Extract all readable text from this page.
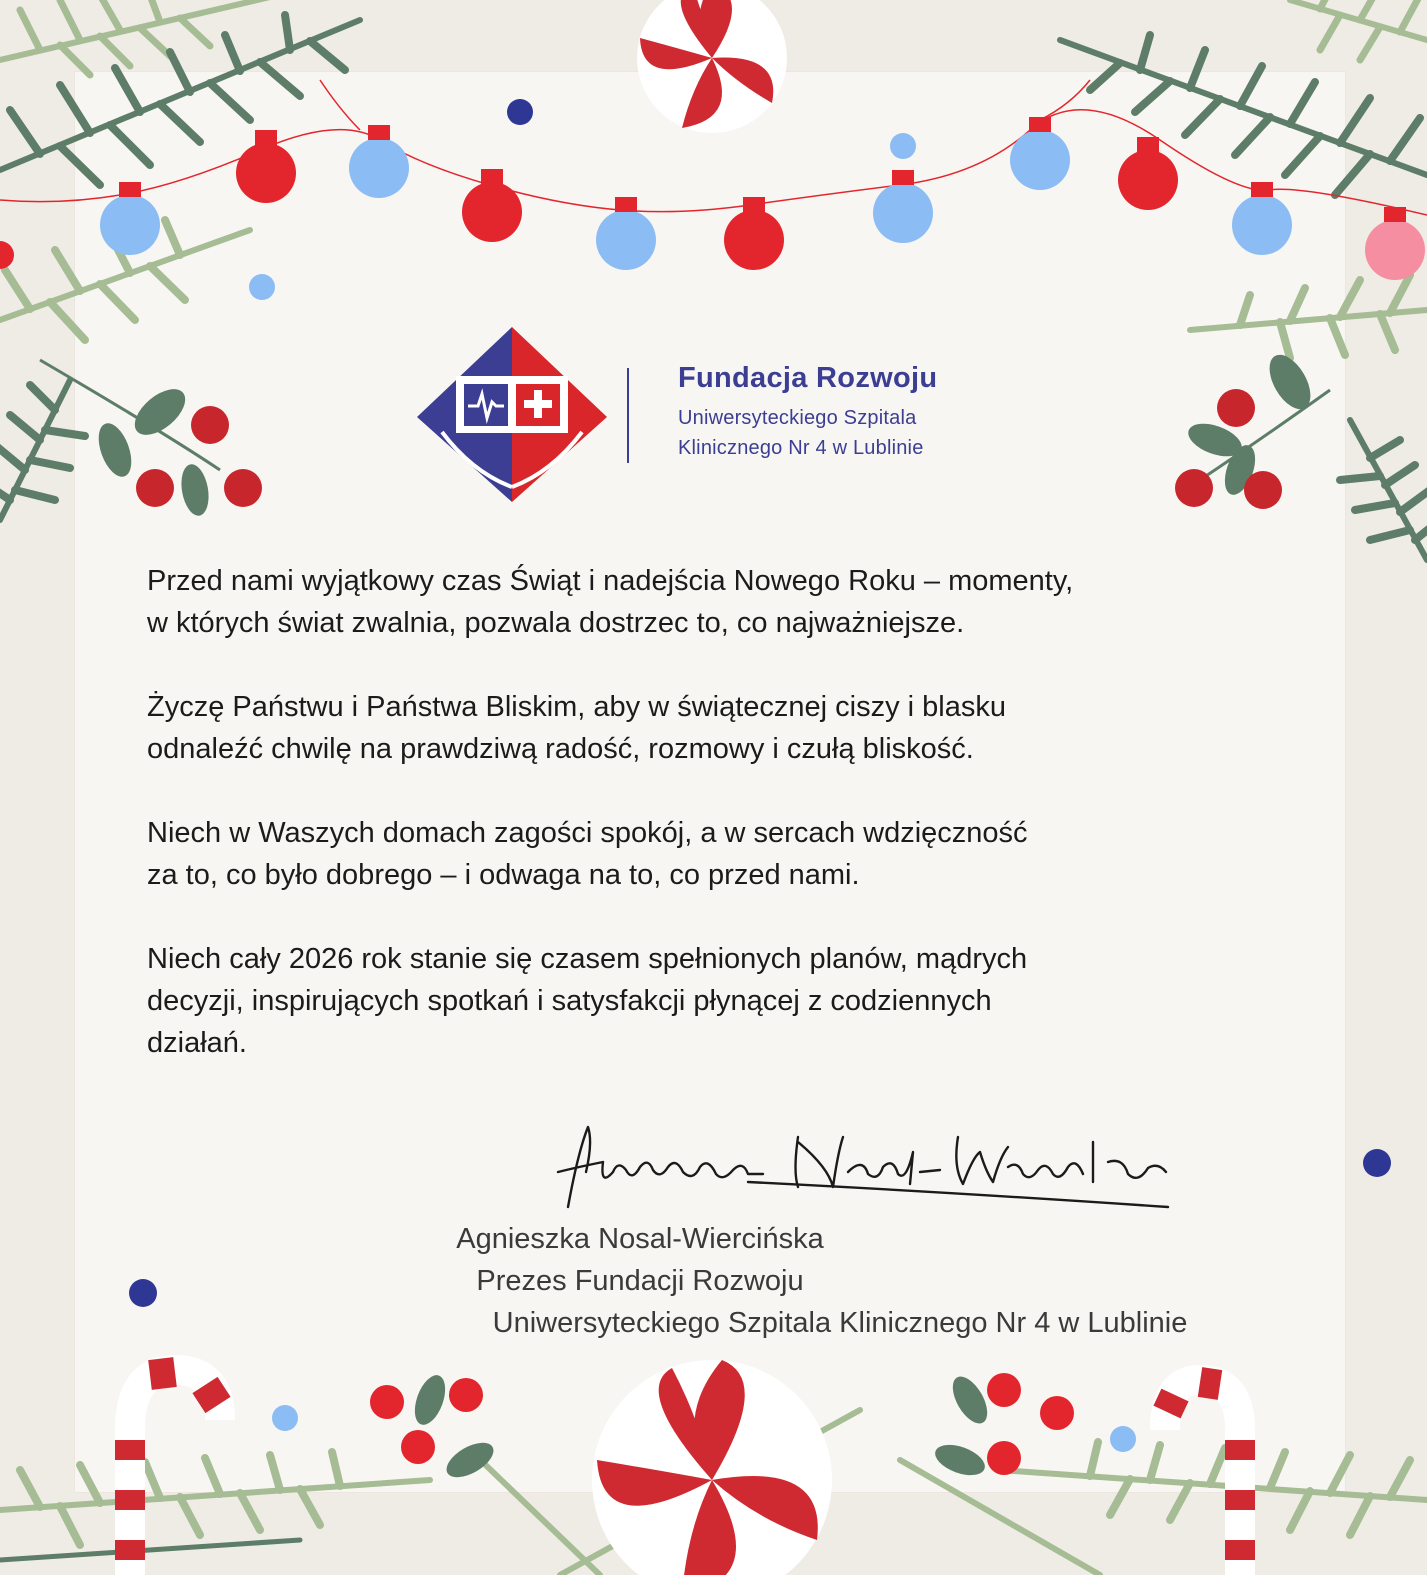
Fundacja Rozwoju
Uniwersyteckiego Szpitala
Klinicznego Nr 4 w Lublinie

Przed nami wyjątkowy czas Świąt i nadejścia Nowego Roku – momenty,
w których świat zwalnia, pozwala dostrzec to, co najważniejsze.

Życzę Państwu i Państwa Bliskim, aby w świątecznej ciszy i blasku
odnaleźć chwilę na prawdziwą radość, rozmowy i czułą bliskość.

Niech w Waszych domach zagości spokój, a w sercach wdzięczność
za to, co było dobrego – i odwaga na to, co przed nami.

Niech cały 2026 rok stanie się czasem spełnionych planów, mądrych
decyzji, inspirujących spotkań i satysfakcji płynącej z codziennych
działań.

Agnieszka Nosal-Wiercińska
Prezes Fundacji Rozwoju
Uniwersyteckiego Szpitala Klinicznego Nr 4 w Lublinie
